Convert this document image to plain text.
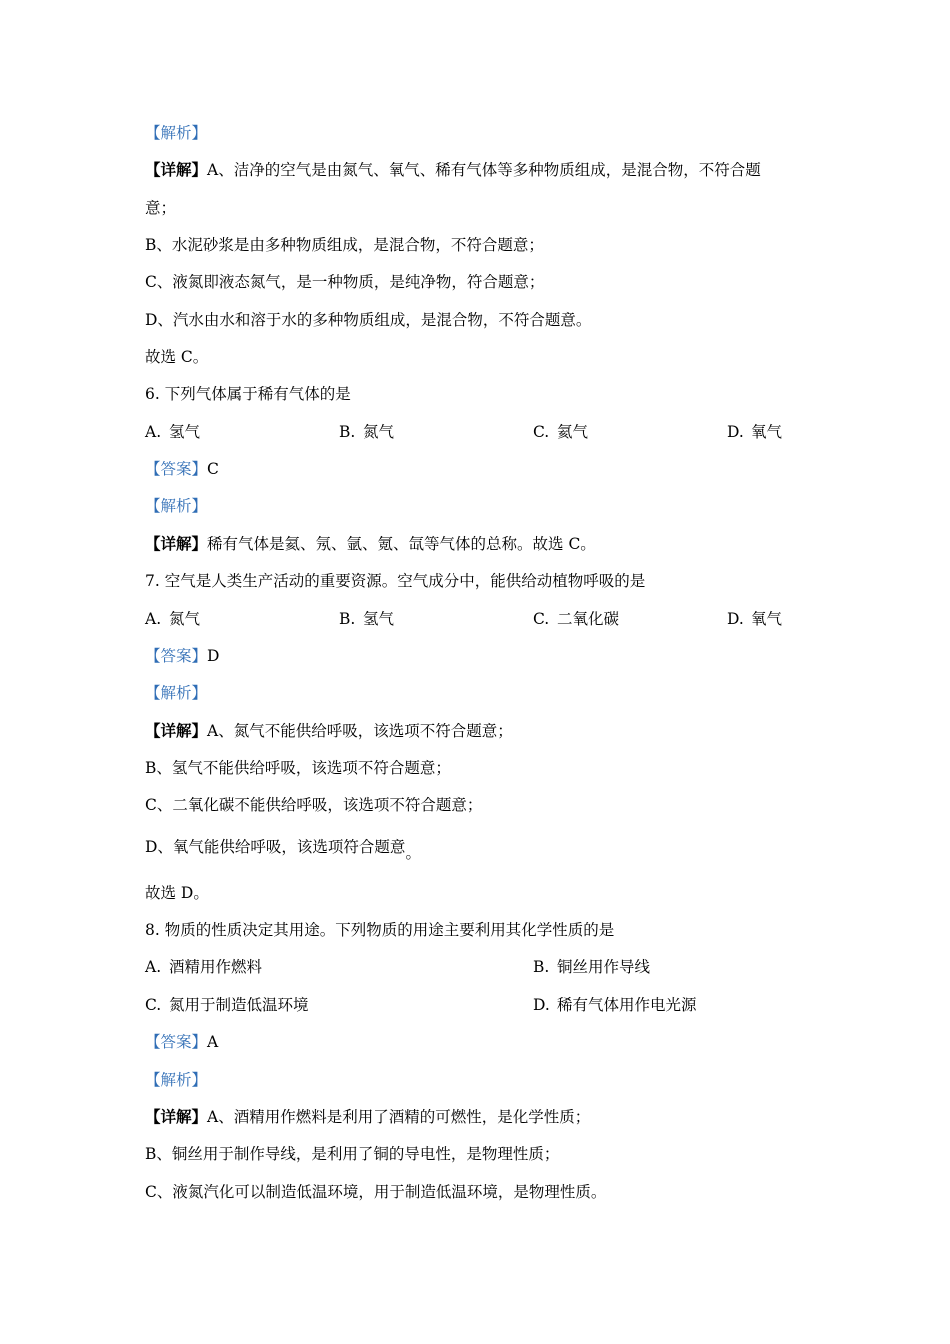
【解析】
【详解】A、洁净的空气是由氮气、氧气、稀有气体等多种物质组成，是混合物，不符合题
意；
B、水泥砂浆是由多种物质组成，是混合物，不符合题意；
C、液氮即液态氮气，是一种物质，是纯净物，符合题意；
D、汽水由水和溶于水的多种物质组成，是混合物，不符合题意。
故选 C。
6. 下列气体属于稀有气体的是
A. 氢气	B. 氮气	C. 氦气	D. 氧气
【答案】C
【解析】
【详解】稀有气体是氦、氖、氩、氪、氙等气体的总称。故选 C。
7. 空气是人类生产活动的重要资源。空气成分中，能供给动植物呼吸的是
A. 氮气	B. 氢气	C. 二氧化碳	D. 氧气
【答案】D
【解析】
【详解】A、氮气不能供给呼吸，该选项不符合题意；
B、氢气不能供给呼吸，该选项不符合题意；
C、二氧化碳不能供给呼吸，该选项不符合题意；
D、氧气能供给呼吸，该选项符合题意。
故选 D。
8. 物质的性质决定其用途。下列物质的用途主要利用其化学性质的是
A. 酒精用作燃料	B. 铜丝用作导线
C. 氮用于制造低温环境	D. 稀有气体用作电光源
【答案】A
【解析】
【详解】A、酒精用作燃料是利用了酒精的可燃性，是化学性质；
B、铜丝用于制作导线，是利用了铜的导电性，是物理性质；
C、液氮汽化可以制造低温环境，用于制造低温环境，是物理性质。
